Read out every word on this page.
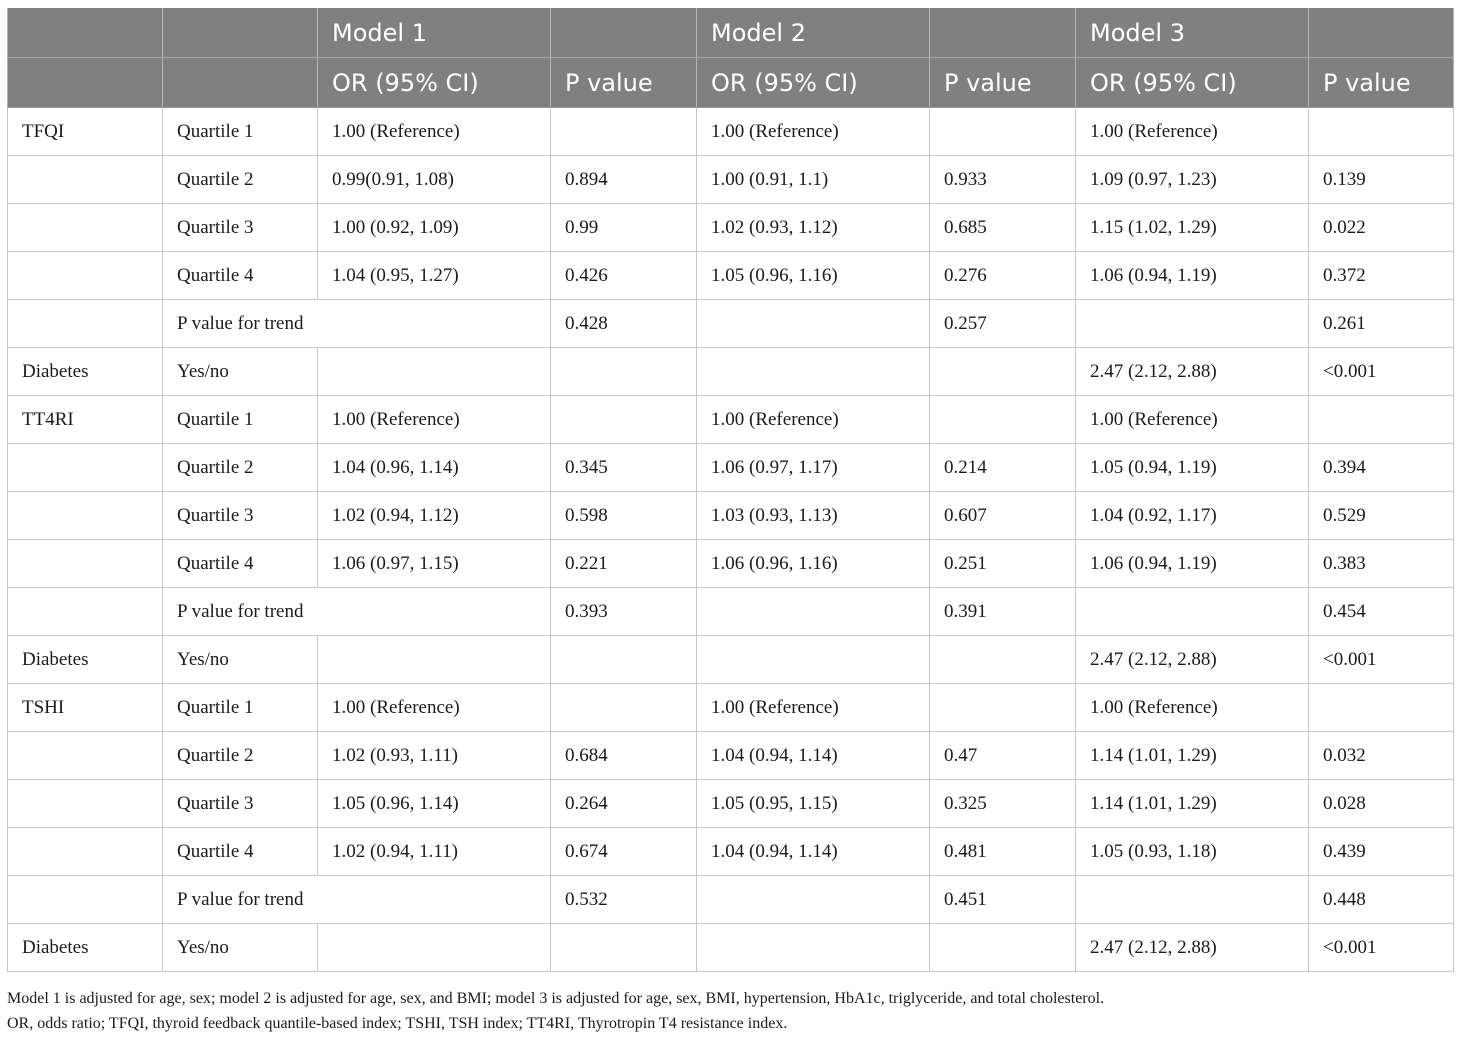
		Model 1		Model 2		Model 3	
		OR (95% CI)	P value	OR (95% CI)	P value	OR (95% CI)	P value
TFQI	Quartile 1	1.00 (Reference)		1.00 (Reference)		1.00 (Reference)	
	Quartile 2	0.99(0.91, 1.08)	0.894	1.00 (0.91, 1.1)	0.933	1.09 (0.97, 1.23)	0.139
	Quartile 3	1.00 (0.92, 1.09)	0.99	1.02 (0.93, 1.12)	0.685	1.15 (1.02, 1.29)	0.022
	Quartile 4	1.04 (0.95, 1.27)	0.426	1.05 (0.96, 1.16)	0.276	1.06 (0.94, 1.19)	0.372
	P value for trend		0.428		0.257		0.261
Diabetes	Yes/no					2.47 (2.12, 2.88)	<0.001
TT4RI	Quartile 1	1.00 (Reference)		1.00 (Reference)		1.00 (Reference)	
	Quartile 2	1.04 (0.96, 1.14)	0.345	1.06 (0.97, 1.17)	0.214	1.05 (0.94, 1.19)	0.394
	Quartile 3	1.02 (0.94, 1.12)	0.598	1.03 (0.93, 1.13)	0.607	1.04 (0.92, 1.17)	0.529
	Quartile 4	1.06 (0.97, 1.15)	0.221	1.06 (0.96, 1.16)	0.251	1.06 (0.94, 1.19)	0.383
	P value for trend		0.393		0.391		0.454
Diabetes	Yes/no					2.47 (2.12, 2.88)	<0.001
TSHI	Quartile 1	1.00 (Reference)		1.00 (Reference)		1.00 (Reference)	
	Quartile 2	1.02 (0.93, 1.11)	0.684	1.04 (0.94, 1.14)	0.47	1.14 (1.01, 1.29)	0.032
	Quartile 3	1.05 (0.96, 1.14)	0.264	1.05 (0.95, 1.15)	0.325	1.14 (1.01, 1.29)	0.028
	Quartile 4	1.02 (0.94, 1.11)	0.674	1.04 (0.94, 1.14)	0.481	1.05 (0.93, 1.18)	0.439
	P value for trend		0.532		0.451		0.448
Diabetes	Yes/no					2.47 (2.12, 2.88)	<0.001
Model 1 is adjusted for age, sex; model 2 is adjusted for age, sex, and BMI; model 3 is adjusted for age, sex, BMI, hypertension, HbA1c, triglyceride, and total cholesterol.
OR, odds ratio; TFQI, thyroid feedback quantile-based index; TSHI, TSH index; TT4RI, Thyrotropin T4 resistance index.
